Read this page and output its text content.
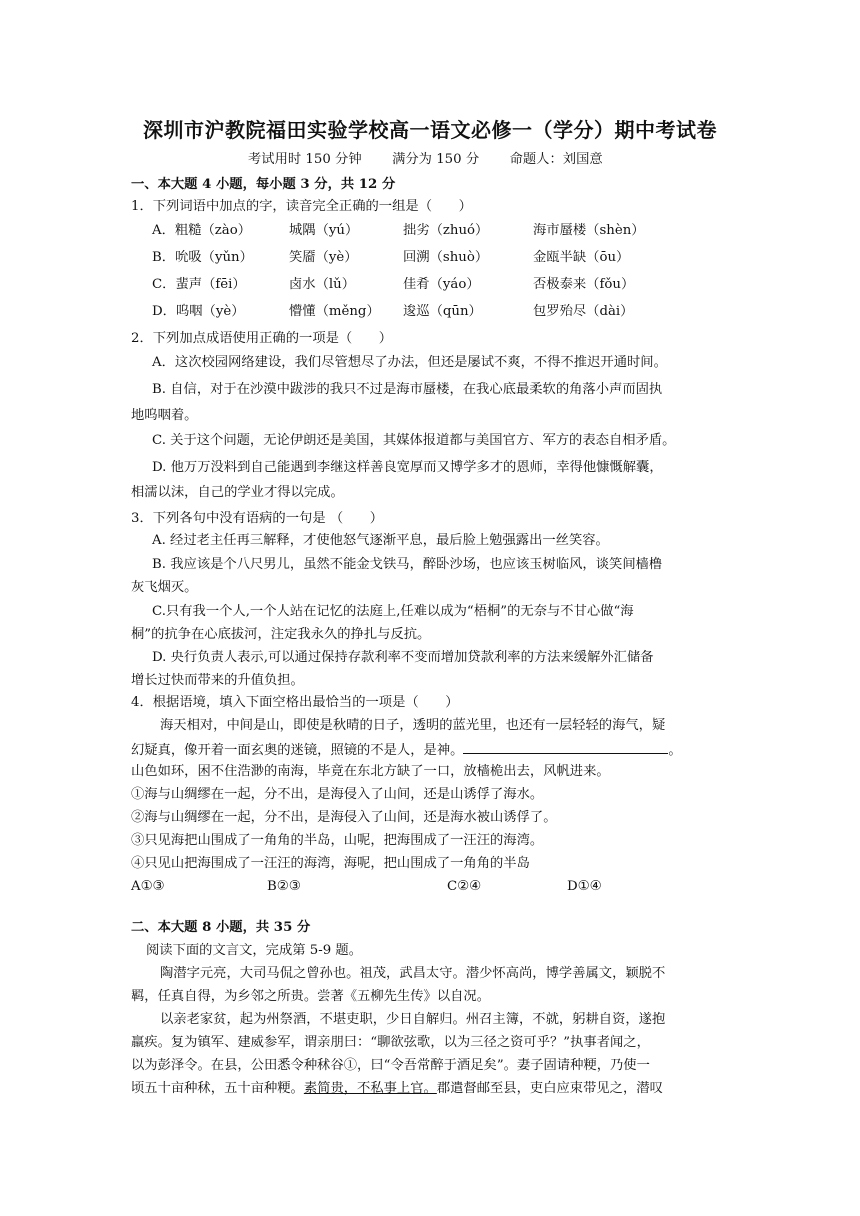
深圳市沪教院福田实验学校高一语文必修一（学分）期中考试卷
考试用时 150 分钟 满分为 150 分 命题人：刘国意
一、本大题 4 小题，每小题 3 分，共 12 分
1．下列词语中加点的字，读音完全正确的一组是（　　）
A．粗糙（zào）	城隅（yú）	拙劣（zhuó）	海市蜃楼（shèn）
B．吮吸（yǔn）	笑靥（yè）	回溯（shuò）	金瓯半缺（ōu）
C．蜚声（fēi）	卤水（lǔ）	佳肴（yáo）	否极泰来（fǒu）
D．呜咽（yè）	懵懂（měng） 逡巡（qūn）	包罗殆尽（dài）
2．下列加点成语使用正确的一项是（　　）
A．这次校园网络建设，我们尽管想尽了办法，但还是屡试不爽，不得不推迟开通时间。
B. 自信，对于在沙漠中跋涉的我只不过是海市蜃楼，在我心底最柔软的角落小声而固执
地呜咽着。
C. 关于这个问题，无论伊朗还是美国，其媒体报道都与美国官方、军方的表态自相矛盾。
D. 他万万没料到自己能遇到李继这样善良宽厚而又博学多才的恩师，幸得他慷慨解囊，
相濡以沫，自己的学业才得以完成。
3．下列各句中没有语病的一句是 （　　）
A. 经过老主任再三解释，才使他怒气逐渐平息，最后脸上勉强露出一丝笑容。
B. 我应该是个八尺男儿，虽然不能金戈铁马，醉卧沙场，也应该玉树临风，谈笑间樯橹
灰飞烟灭。
C.只有我一个人,一个人站在记忆的法庭上,任难以成为“梧桐”的无奈与不甘心做“海
桐”的抗争在心底拔河，注定我永久的挣扎与反抗。
D. 央行负责人表示,可以通过保持存款利率不变而增加贷款利率的方法来缓解外汇储备
增长过快而带来的升值负担。
4．根据语境，填入下面空格出最恰当的一项是（　　）
海天相对，中间是山，即使是秋晴的日子，透明的蓝光里，也还有一层轻轻的海气，疑
幻疑真，像开着一面玄奥的迷镜，照镜的不是人，是神。	。
山色如环，困不住浩渺的南海，毕竟在东北方缺了一口，放樯桅出去，风帆进来。
①海与山绸缪在一起，分不出，是海侵入了山间，还是山诱俘了海水。
②海与山绸缪在一起，分不出，是海侵入了山间，还是海水被山诱俘了。
③只见海把山围成了一角角的半岛，山呢，把海围成了一汪汪的海湾。
④只见山把海围成了一汪汪的海湾，海呢，把山围成了一角角的半岛
A①③	B②③	C②④	D①④
二、本大题 8 小题，共 35 分
阅读下面的文言文，完成第 5-9 题。
陶潜字元亮，大司马侃之曾孙也。祖茂，武昌太守。潜少怀高尚，博学善属文，颖脱不
羁，任真自得，为乡邻之所贵。尝著《五柳先生传》以自况。
以亲老家贫，起为州祭酒，不堪吏职，少日自解归。州召主簿，不就，躬耕自资，遂抱
羸疾。复为镇军、建威参军，谓亲朋曰：“聊欲弦歌，以为三径之资可乎？”执事者闻之，
以为彭泽令。在县，公田悉令种秫谷①，曰“令吾常醉于酒足矣”。妻子固请种粳，乃使一
顷五十亩种秫，五十亩种粳。素简贵，不私事上官。郡遣督邮至县，吏白应束带见之，潜叹
